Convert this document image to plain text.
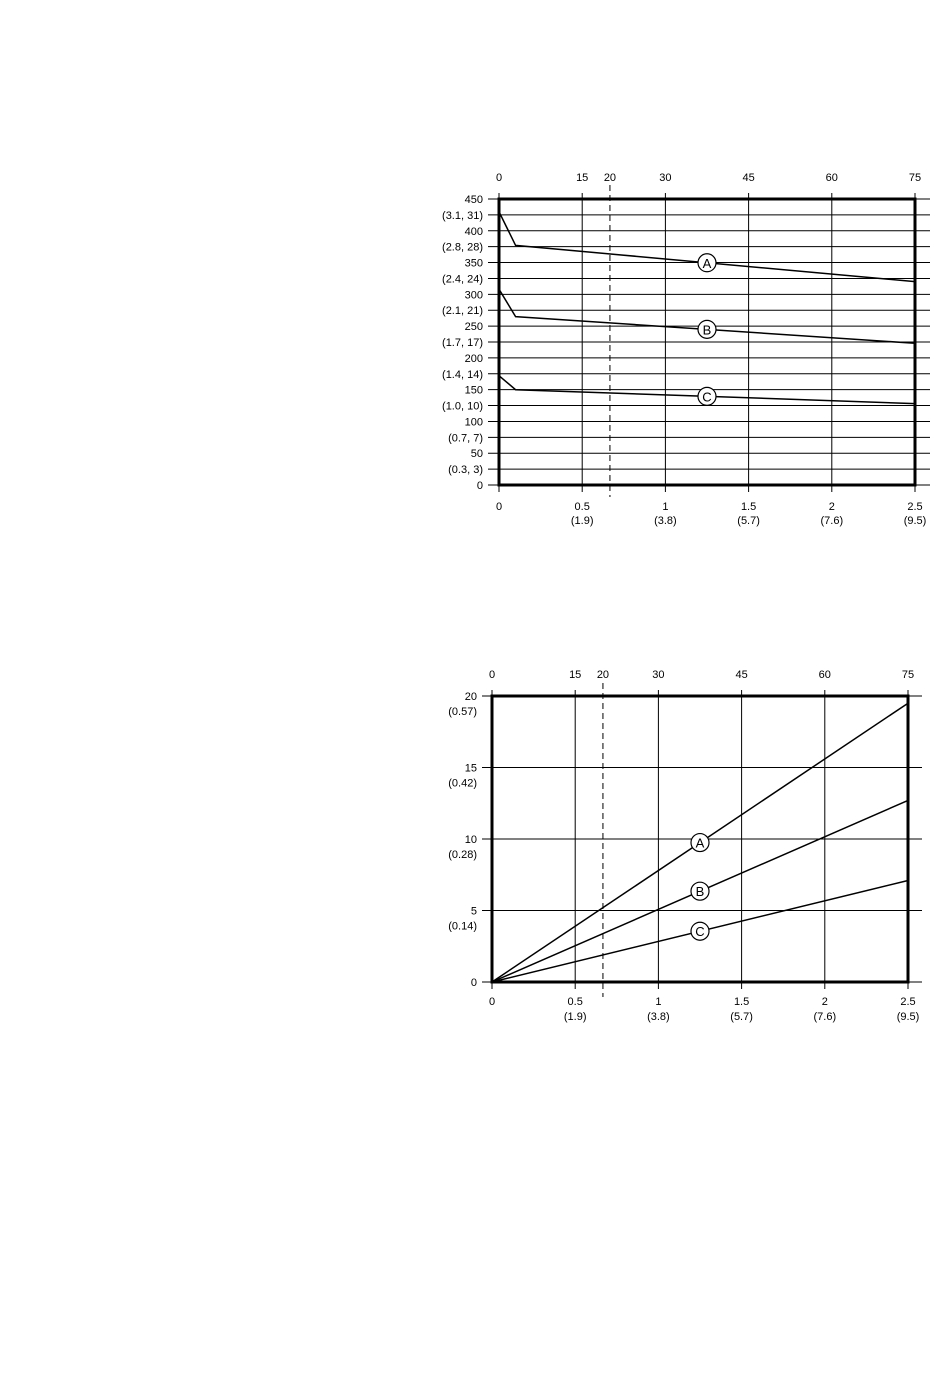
450
(3.1, 31)
400
(2.8, 28)
350
(2.4, 24)
300
(2.1, 21)
250
(1.7, 17)
200
(1.4, 14)
150
(1.0, 10)
100
(0.7, 7)
50
(0.3, 3)
0
0	0.5
(1.9)
1
(3.8)
1.5
(5.7)
2
(7.6)
2.5
(9.5)
0	15 20	30	45	60	75
A
B
C
20
(0.57)
15
(0.42)
10
(0.28)
5
(0.14)
0
0	0.5
(1.9)
1
(3.8)
1.5
(5.7)
2
(7.6)
2.5
(9.5)
0	15 20	30	45	60	75
A
B
C
